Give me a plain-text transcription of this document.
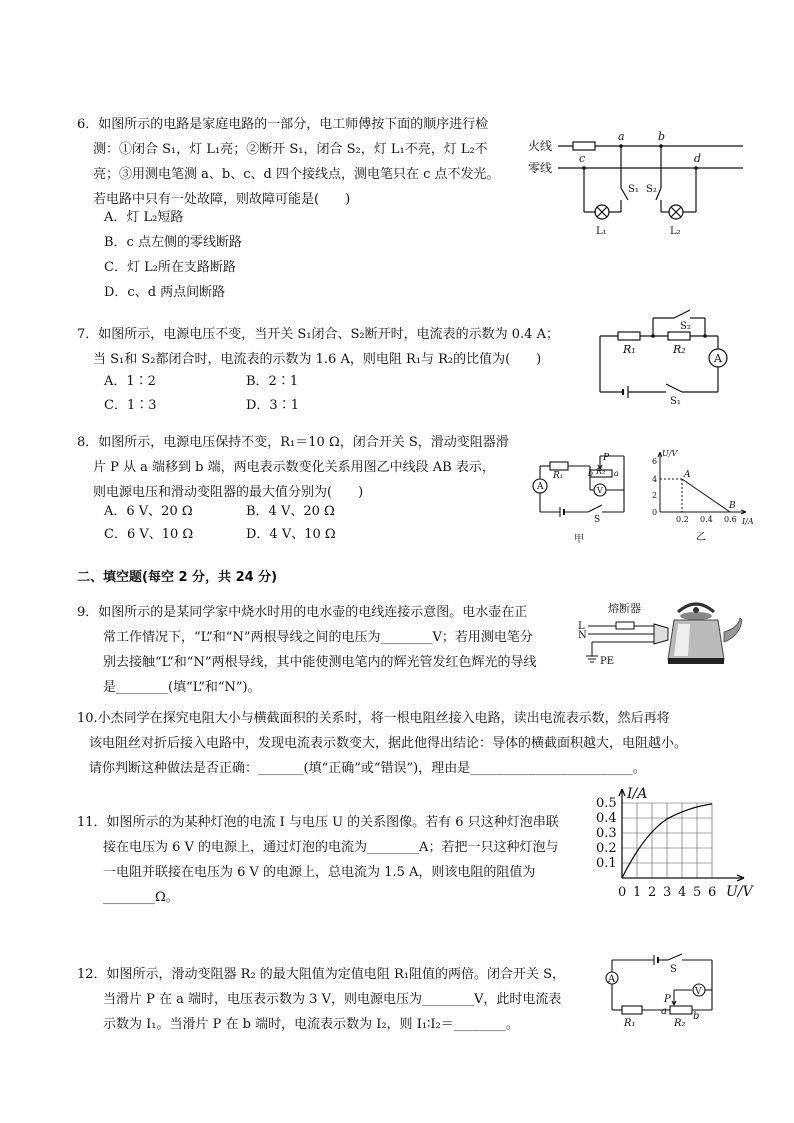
6．如图所示的电路是家庭电路的一部分，电工师傅按下面的顺序进行检
测：①闭合 S₁，灯 L₁亮；②断开 S₁，闭合 S₂，灯 L₁不亮，灯 L₂不
亮；③用测电笔测 a、b、c、d 四个接线点，测电笔只在 c 点不发光。
若电路中只有一处故障，则故障可能是(　　)
A．灯 L₂短路
B．c 点左侧的零线断路
C．灯 L₂所在支路断路
D．c、d 两点间断路
火线
零线
a	b
c	d
S₁ S₂
L₁	L₂
7．如图所示，电源电压不变，当开关 S₁闭合、S₂断开时，电流表的示数为 0.4 A；
当 S₁和 S₂都闭合时，电流表的示数为 1.6 A，则电阻 R₁与 R₂的比值为(　　)
A．1∶2	B．2∶1
C．1∶3	D．3∶1
R₁	R₂
S₂
S₁
A
8．如图所示，电源电压保持不变，R₁＝10 Ω，闭合开关 S，滑动变阻器滑
片 P 从 a 端移到 b 端，两电表示数变化关系用图乙中线段 AB 表示，
则电源电压和滑动变阻器的最大值分别为(　　)
A．6 V、20 Ω	B．4 V、20 Ω
C．6 V、10 Ω	D．4 V、10 Ω
R₁	R₂
P
b	a
A	V
S
甲
U/V
I/A
6
4
2
0
0.2 0.4 0.6
A
B
乙
二、填空题(每空 2 分，共 24 分)
9．如图所示的是某同学家中烧水时用的电水壶的电线连接示意图。电水壶在正
常工作情况下，“L”和“N”两根导线之间的电压为________V；若用测电笔分
别去接触“L”和“N”两根导线，其中能使测电笔内的辉光管发红色辉光的导线
是________(填“L”和“N”)。
熔断器
L
N
PE
10.小杰同学在探究电阻大小与横截面积的关系时，将一根电阻丝接入电路，读出电流表示数，然后再将
该电阻丝对折后接入电路中，发现电流表示数变大，据此他得出结论：导体的横截面积越大，电阻越小。
请你判断这种做法是否正确：_______(填“正确”或“错误”)，理由是_________________________。
11．如图所示的为某种灯泡的电流 I 与电压 U 的关系图像。若有 6 只这种灯泡串联
接在电压为 6 V 的电源上，通过灯泡的电流为________A；若把一只这种灯泡与
一电阻并联接在电压为 6 V 的电源上，总电流为 1.5 A，则该电阻的阻值为
________Ω。
I/A
U/V
0.5
0.4
0.3
0.2
0.1
0 1 2 3 4 5 6
12．如图所示，滑动变阻器 R₂ 的最大阻值为定值电阻 R₁阻值的两倍。闭合开关 S，
当滑片 P 在 a 端时，电压表示数为 3 V，则电源电压为________V，此时电流表
示数为 I₁。当滑片 P 在 b 端时，电流表示数为 I₂，则 I₁∶I₂＝________。
A
V
S
P
a	b
R₁	R₂
